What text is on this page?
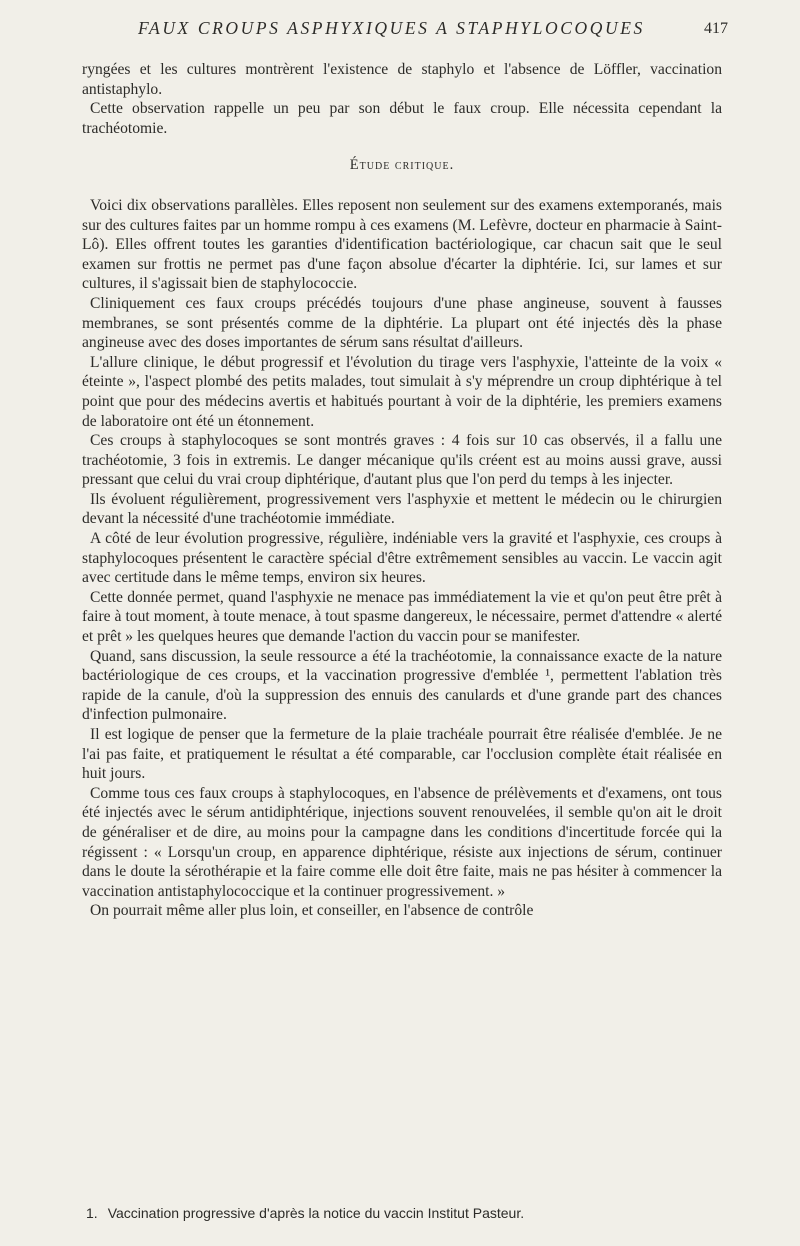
FAUX CROUPS ASPHYXIQUES A STAPHYLOCOQUES	417

ryngées et les cultures montrèrent l'existence de staphylo et l'absence de Löffler, vaccination antistaphylo.

Cette observation rappelle un peu par son début le faux croup. Elle nécessita cependant la trachéotomie.

Étude critique.

Voici dix observations parallèles. Elles reposent non seulement sur des examens extemporanés, mais sur des cultures faites par un homme rompu à ces examens (M. Lefèvre, docteur en pharmacie à Saint-Lô). Elles offrent toutes les garanties d'identification bactériologique, car chacun sait que le seul examen sur frottis ne permet pas d'une façon absolue d'écarter la diphtérie. Ici, sur lames et sur cultures, il s'agissait bien de staphylococcie.

Cliniquement ces faux croups précédés toujours d'une phase angineuse, souvent à fausses membranes, se sont présentés comme de la diphtérie. La plupart ont été injectés dès la phase angineuse avec des doses importantes de sérum sans résultat d'ailleurs.

L'allure clinique, le début progressif et l'évolution du tirage vers l'asphyxie, l'atteinte de la voix « éteinte », l'aspect plombé des petits malades, tout simulait à s'y méprendre un croup diphtérique à tel point que pour des médecins avertis et habitués pourtant à voir de la diphtérie, les premiers examens de laboratoire ont été un étonnement.

Ces croups à staphylocoques se sont montrés graves : 4 fois sur 10 cas observés, il a fallu une trachéotomie, 3 fois in extremis. Le danger mécanique qu'ils créent est au moins aussi grave, aussi pressant que celui du vrai croup diphtérique, d'autant plus que l'on perd du temps à les injecter.

Ils évoluent régulièrement, progressivement vers l'asphyxie et mettent le médecin ou le chirurgien devant la nécessité d'une trachéotomie immédiate.

A côté de leur évolution progressive, régulière, indéniable vers la gravité et l'asphyxie, ces croups à staphylocoques présentent le caractère spécial d'être extrêmement sensibles au vaccin. Le vaccin agit avec certitude dans le même temps, environ six heures.

Cette donnée permet, quand l'asphyxie ne menace pas immédiatement la vie et qu'on peut être prêt à faire à tout moment, à toute menace, à tout spasme dangereux, le nécessaire, permet d'attendre « alerté et prêt » les quelques heures que demande l'action du vaccin pour se manifester.

Quand, sans discussion, la seule ressource a été la trachéotomie, la connaissance exacte de la nature bactériologique de ces croups, et la vaccination progressive d'emblée ¹, permettent l'ablation très rapide de la canule, d'où la suppression des ennuis des canulards et d'une grande part des chances d'infection pulmonaire.

Il est logique de penser que la fermeture de la plaie trachéale pourrait être réalisée d'emblée. Je ne l'ai pas faite, et pratiquement le résultat a été comparable, car l'occlusion complète était réalisée en huit jours.

Comme tous ces faux croups à staphylocoques, en l'absence de prélèvements et d'examens, ont tous été injectés avec le sérum antidiphtérique, injections souvent renouvelées, il semble qu'on ait le droit de généraliser et de dire, au moins pour la campagne dans les conditions d'incertitude forcée qui la régissent : « Lorsqu'un croup, en apparence diphtérique, résiste aux injections de sérum, continuer dans le doute la sérothérapie et la faire comme elle doit être faite, mais ne pas hésiter à commencer la vaccination antistaphylococcique et la continuer progressivement. »

On pourrait même aller plus loin, et conseiller, en l'absence de contrôle

1. Vaccination progressive d'après la notice du vaccin Institut Pasteur.
